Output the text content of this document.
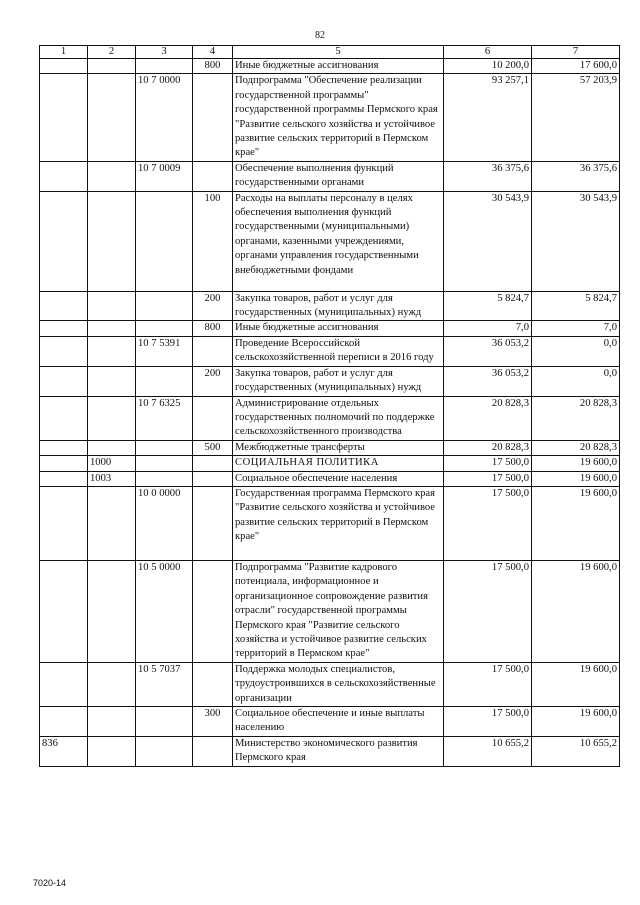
82
1	2	3	4	5	6	7
			800	Иные бюджетные ассигнования	10 200,0	17 600,0
		10 7 0000		Подпрограмма "Обеспечение реализации государственной программы" государственной программы Пермского края "Развитие сельского хозяйства и устойчивое развитие сельских территорий в Пермском крае"	93 257,1	57 203,9
		10 7 0009		Обеспечение выполнения функций государственными органами	36 375,6	36 375,6
			100	Расходы на выплаты персоналу в целях обеспечения выполнения функций государственными (муниципальными) органами, казенными учреждениями, органами управления государственными внебюджетными фондами	30 543,9	30 543,9
			200	Закупка товаров, работ и услуг для государственных (муниципальных) нужд	5 824,7	5 824,7
			800	Иные бюджетные ассигнования	7,0	7,0
		10 7 5391		Проведение Всероссийской сельскохозяйственной переписи в 2016 году	36 053,2	0,0
			200	Закупка товаров, работ и услуг для государственных (муниципальных) нужд	36 053,2	0,0
		10 7 6325		Администрирование отдельных государственных полномочий по поддержке сельскохозяйственного производства	20 828,3	20 828,3
			500	Межбюджетные трансферты	20 828,3	20 828,3
	1000			СОЦИАЛЬНАЯ ПОЛИТИКА	17 500,0	19 600,0
	1003			Социальное обеспечение населения	17 500,0	19 600,0
		10 0 0000		Государственная программа Пермского края "Развитие сельского хозяйства и устойчивое развитие сельских территорий в Пермском крае"	17 500,0	19 600,0
		10 5 0000		Подпрограмма "Развитие кадрового потенциала, информационное и организационное сопровождение развития отрасли" государственной программы Пермского края "Развитие сельского хозяйства и устойчивое развитие сельских территорий в Пермском крае"	17 500,0	19 600,0
		10 5 7037		Поддержка молодых специалистов, трудоустроившихся в сельскохозяйственные организации	17 500,0	19 600,0
			300	Социальное обеспечение и иные выплаты населению	17 500,0	19 600,0
836				Министерство экономического развития Пермского края	10 655,2	10 655,2
7020-14
